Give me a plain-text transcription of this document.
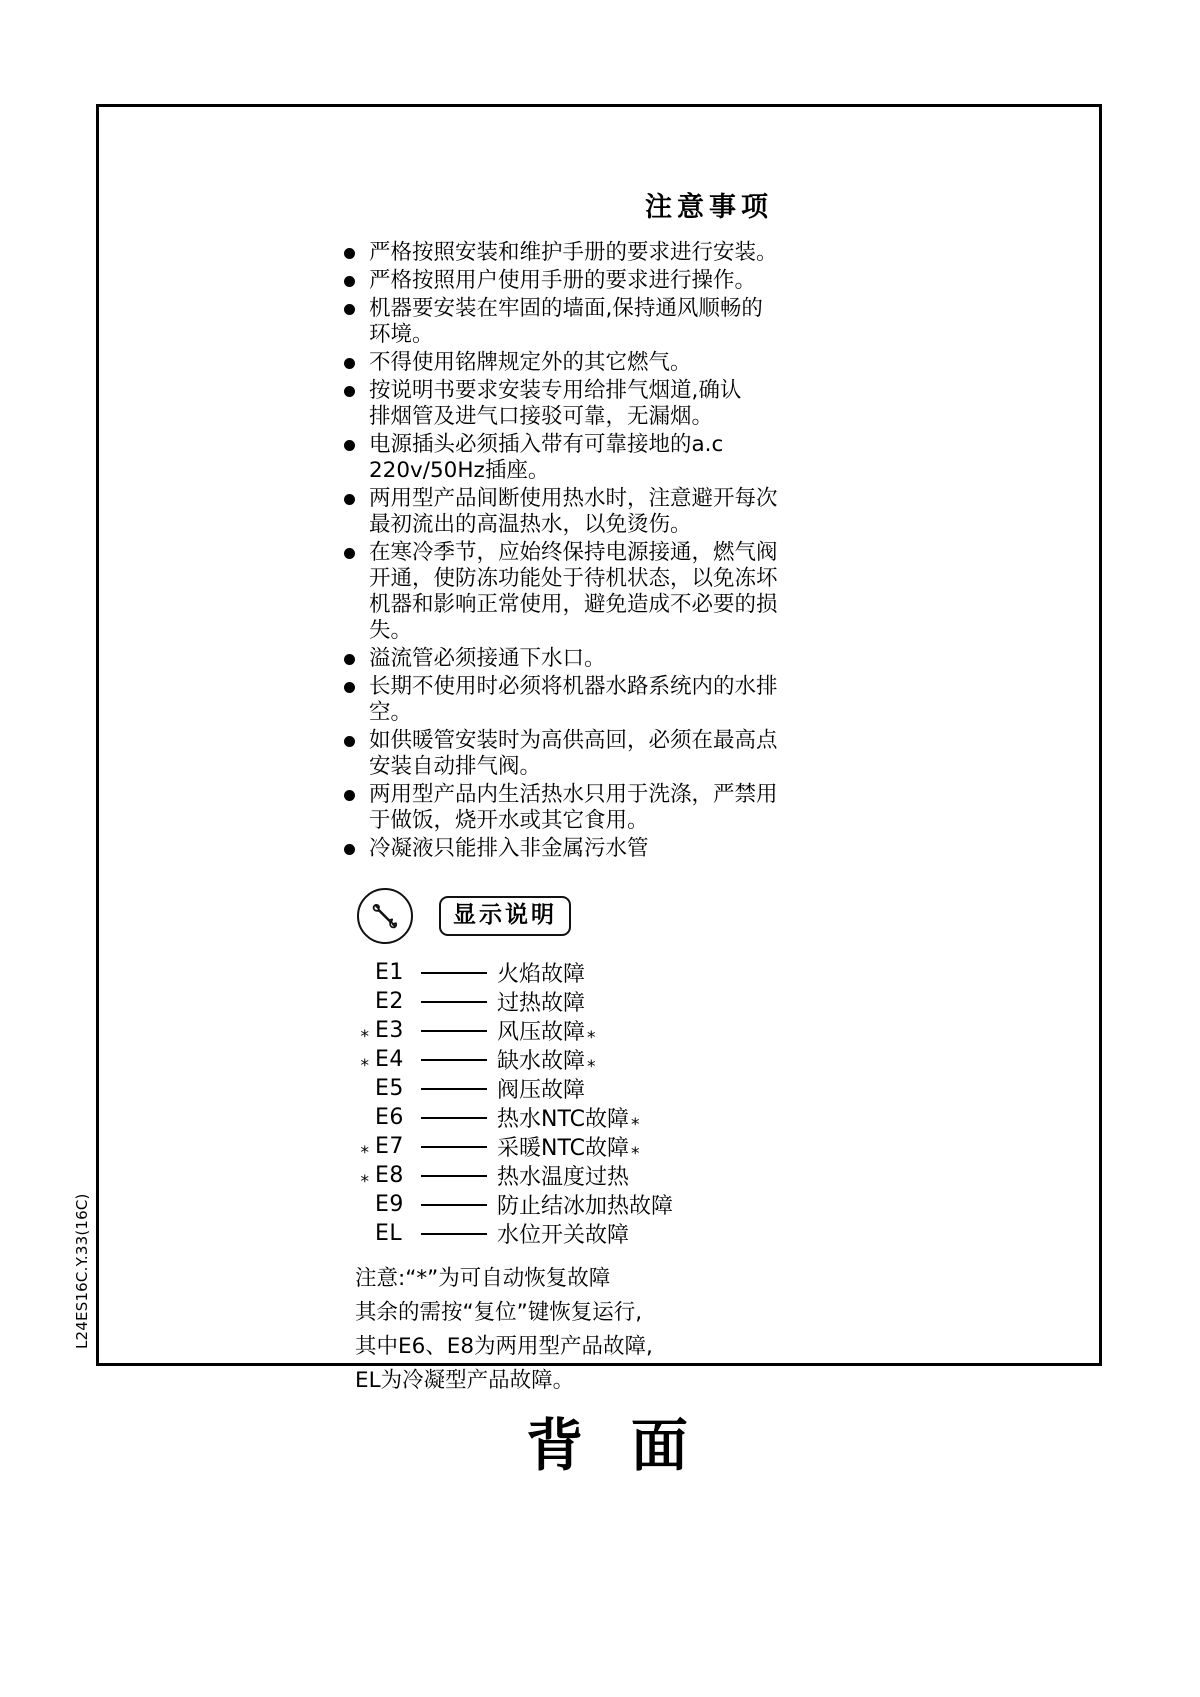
L24ES16C.Y.33(16C)
注意事项
严格按照安装和维护手册的要求进行安装。
严格按照用户使用手册的要求进行操作。
机器要安装在牢固的墙面,保持通风顺畅的
环境。
不得使用铭牌规定外的其它燃气。
按说明书要求安装专用给排气烟道,确认
排烟管及进气口接驳可靠，无漏烟。
电源插头必须插入带有可靠接地的a.c
220v/50Hz插座。
两用型产品间断使用热水时，注意避开每次
最初流出的高温热水，以免烫伤。
在寒冷季节，应始终保持电源接通，燃气阀
开通，使防冻功能处于待机状态，以免冻坏
机器和影响正常使用，避免造成不必要的损
失。
溢流管必须接通下水口。
长期不使用时必须将机器水路系统内的水排
空。
如供暖管安装时为高供高回，必须在最高点
安装自动排气阀。
两用型产品内生活热水只用于洗涤，严禁用
于做饭，烧开水或其它食用。
冷凝液只能排入非金属污水管
显示说明
E1	火焰故障
E2	过热故障
* E3	风压故障 *
* E4	缺水故障 *
E5	阀压故障
E6	热水NTC故障 *
* E7	采暖NTC故障 *
* E8	热水温度过热
E9	防止结冰加热故障
EL	水位开关故障
注意:“*”为可自动恢复故障
其余的需按“复位”键恢复运行,
其中E6、E8为两用型产品故障,
EL为冷凝型产品故障。
背 面
